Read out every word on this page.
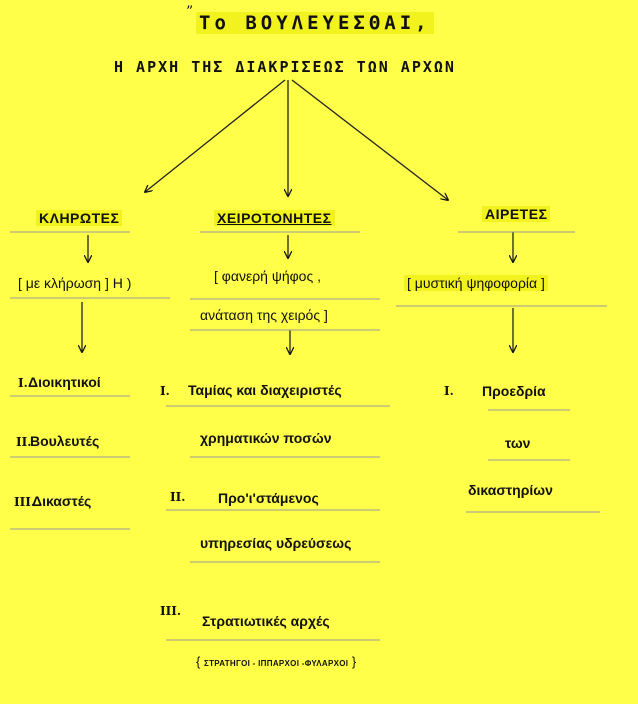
” Το ΒΟΥΛΕΥΕΣΘΑΙ,
Η ΑΡΧΗ ΤΗΣ ΔΙΑΚΡΙΣΕΩΣ ΤΩΝ ΑΡΧΩΝ
ΚΛΗΡΩΤΕΣ	ΧΕΙΡΟΤΟΝΗΤΕΣ	ΑΙΡΕΤΕΣ
[ με κλήρωση ] Η )	[ φανερή ψήφος ,
ανάταση της χειρός ]
[ μυστική ψηφοφορία ]
Ι. Διοικητικοί
ΙΙ.
Βουλευτές
ΙΙΙ.
Δικαστές
Ι. Ταμίας και διαχειριστές
χρηματικών ποσών
ΙΙ. Προ'ι'στάμενος
υπηρεσίας υδρεύσεως
ΙΙΙ.
Στρατιωτικές αρχές
{ ΣΤΡΑΤΗΓΟΙ - ΙΠΠΑΡΧΟΙ -ΦΥΛΑΡΧΟΙ }
Ι. Προεδρία
των
δικαστηρίων
